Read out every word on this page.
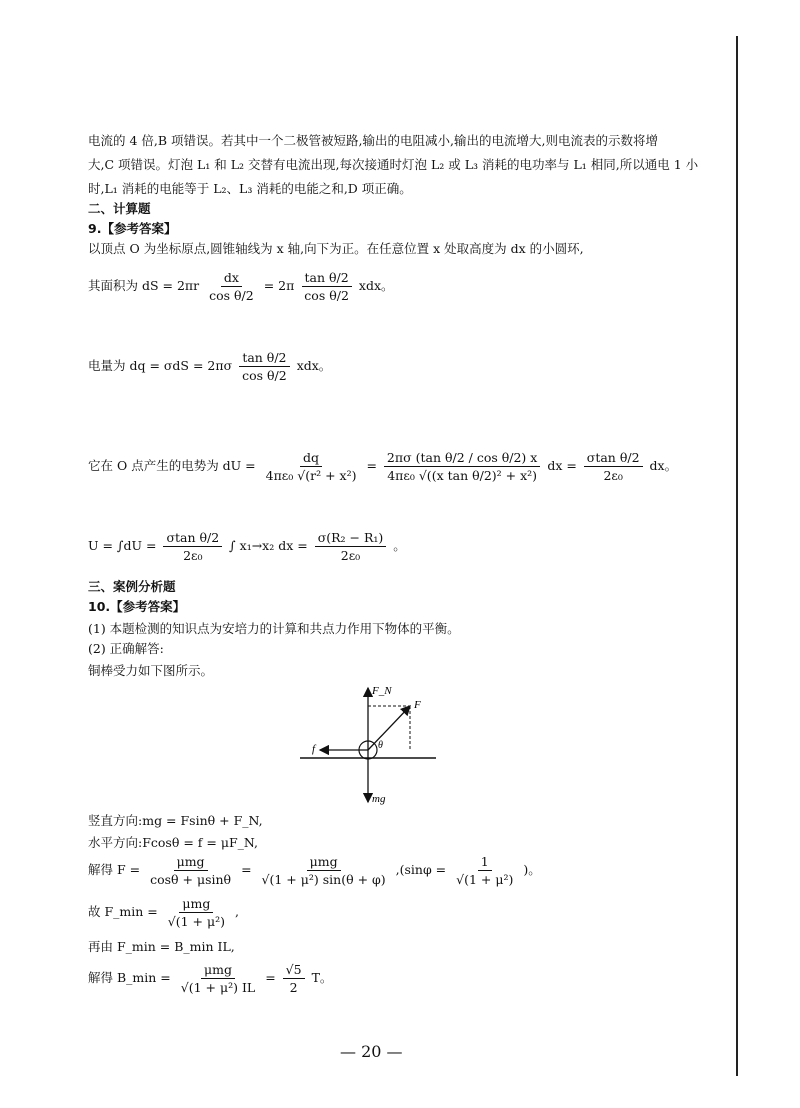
电流的 4 倍,B 项错误。若其中一个二极管被短路,输出的电阻减小,输出的电流增大,则电流表的示数将增
大,C 项错误。灯泡 L₁ 和 L₂ 交替有电流出现,每次接通时灯泡 L₂ 或 L₃ 消耗的电功率与 L₁ 相同,所以通电 1 小
时,L₁ 消耗的电能等于 L₂、L₃ 消耗的电能之和,D 项正确。
二、计算题
9.【参考答案】
以顶点 O 为坐标原点,圆锥轴线为 x 轴,向下为正。在任意位置 x 处取高度为 dx 的小圆环,
其面积为 dS = $2\pi r \frac{dx}{\text{cos θ/2}} = 2\pi \frac{\text{tan θ/2}}{\text{cos θ/2}}$ xdx。
电量为 dq = $\sigma dS = 2\pi\sigma \frac{\text{tan θ/2}}{\text{cos θ/2}}$ xdx。
它在 O 点产生的电势为 dU = $\frac{dq}{\text{4πε₀ √(r² + x²)}} = \frac{\text{2πσ (tan θ/2 / cos θ/2) x}}{\text{4πε₀ √((x tan θ/2)² + x²)}}$ dx = $\frac{\text{σtan θ/2}}{\text{2ε₀}}$ dx。
$U = \int dU = \frac{\text{σtan θ/2}}{\text{2ε₀}}$ ∫ x₁→x₂ dx = $\frac{\text{σ(R₂ − R₁)}}{\text{2ε₀}}$ 。
三、案例分析题
10.【参考答案】
(1) 本题检测的知识点为安培力的计算和共点力作用下物体的平衡。
(2) 正确解答:
铜棒受力如下图所示。
F_N
F
f	θ
mg
竖直方向:mg = Fsinθ + F_N,
水平方向:Fcosθ = f = μF_N,
解得 $F = \frac{\text{μmg}}{\cos\theta + \mu\sin\theta} = \frac{\text{μmg}}{\text{√(1 + μ²) sin(θ + φ)}} ,(\sin\varphi = \frac{1}{\text{√(1 + μ²)}}$ )。
故 F_min = $\frac{\text{μmg}}{\text{√(1 + μ²)}}$ ,
再由 F_min = B_min IL,
解得 B_min = $\frac{\text{μmg}}{\text{√(1 + μ²) IL}} = \frac{√5}{2}$ T。
— 20 —
